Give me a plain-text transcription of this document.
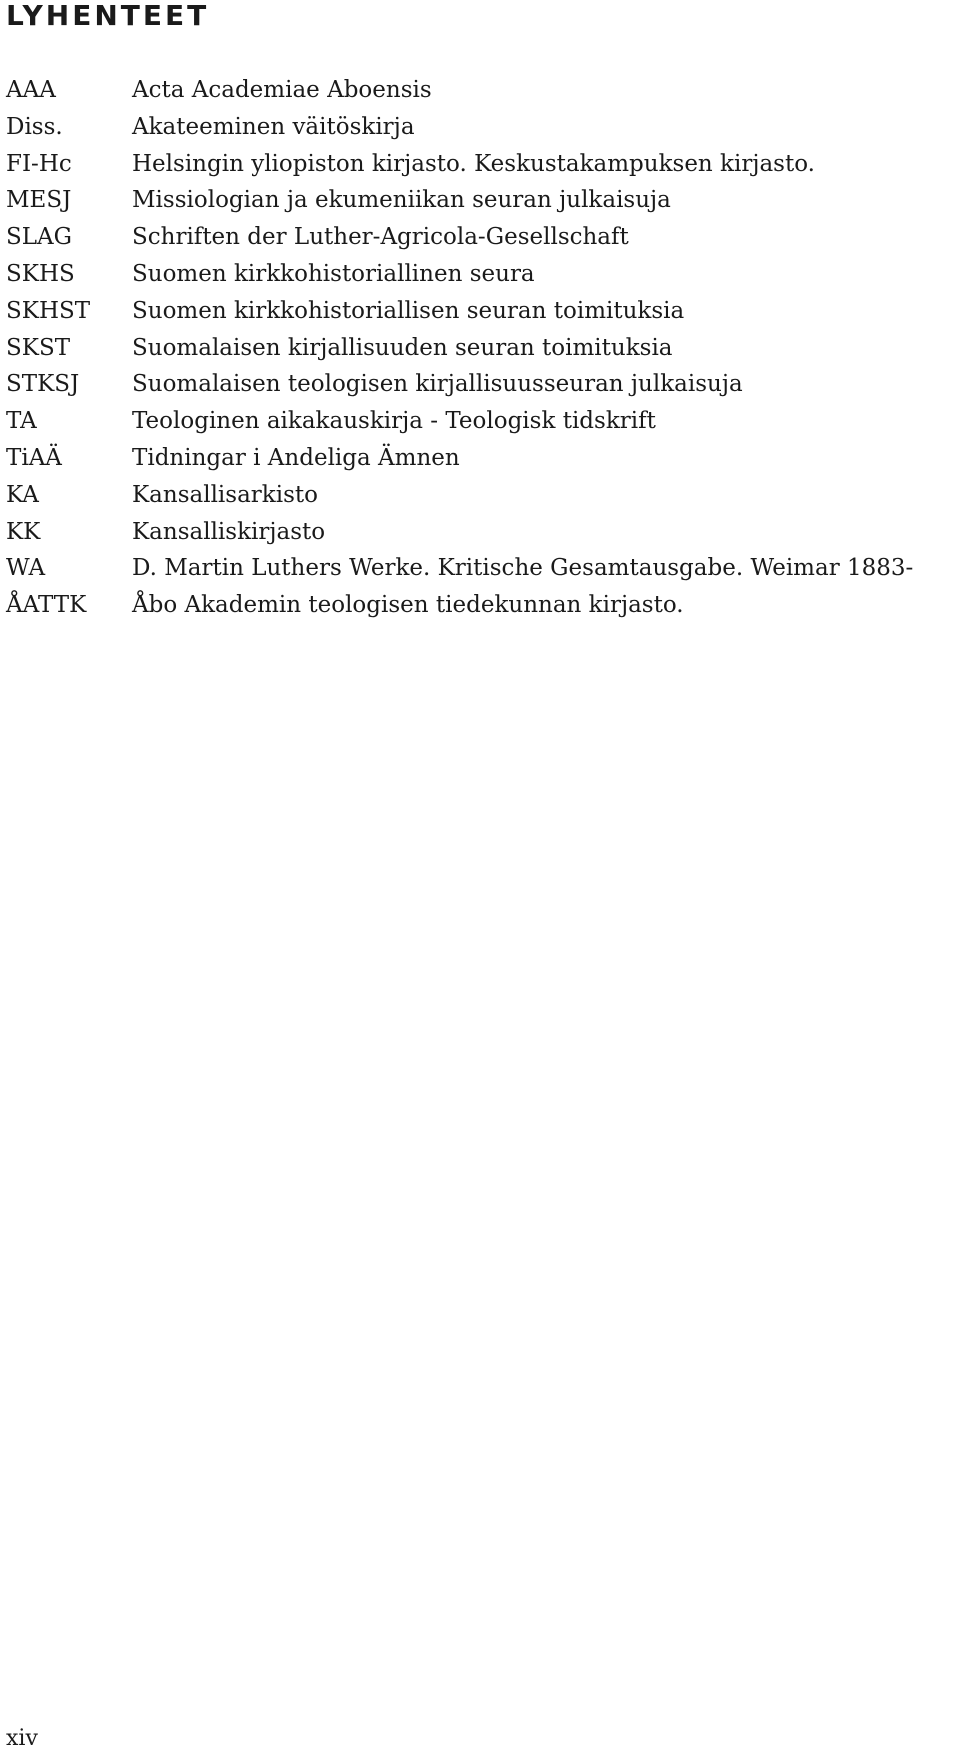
LYHENTEET
AAA	Acta Academiae Aboensis
Diss.	Akateeminen väitöskirja
FI-Hc	Helsingin yliopiston kirjasto. Keskustakampuksen kirjasto.
MESJ	Missiologian ja ekumeniikan seuran julkaisuja
SLAG	Schriften der Luther-Agricola-Gesellschaft
SKHS	Suomen kirkkohistoriallinen seura
SKHST	Suomen kirkkohistoriallisen seuran toimituksia
SKST	Suomalaisen kirjallisuuden seuran toimituksia
STKSJ	Suomalaisen teologisen kirjallisuusseuran julkaisuja
TA	Teologinen aikakauskirja - Teologisk tidskrift
TiAÄ	Tidningar i Andeliga Ämnen
KA	Kansallisarkisto
KK	Kansalliskirjasto
WA	D. Martin Luthers Werke. Kritische Gesamtausgabe. Weimar 1883-
ÅATTK	Åbo Akademin teologisen tiedekunnan kirjasto.
xiv
